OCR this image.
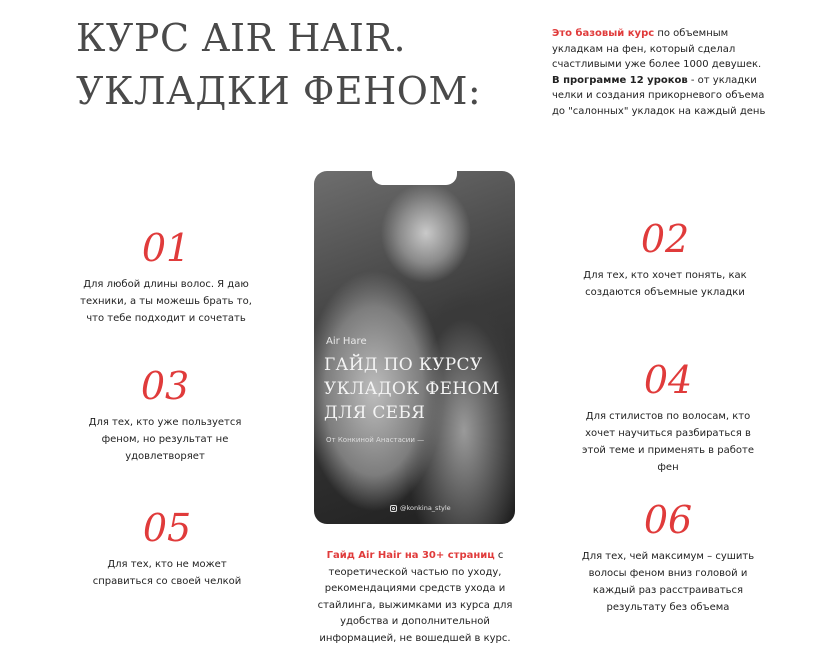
КУРС AIR HAIR.
УКЛАДКИ ФЕНОМ:

Это базовый курс по объемным укладкам на фен, который сделал счастливыми уже более 1000 девушек. В программе 12 уроков - от укладки челки и создания прикорневого объема до "салонных" укладок на каждый день

01
Для любой длины волос. Я даю техники, а ты можешь брать то, что тебе подходит и сочетать
02
Для тех, кто хочет понять, как создаются объемные укладки
03
Для тех, кто уже пользуется феном, но результат не удовлетворяет
04
Для стилистов по волосам, кто хочет научиться разбираться в этой теме и применять в работе фен
05
Для тех, кто не может справиться со своей челкой
06
Для тех, чей максимум – сушить волосы феном вниз головой и каждый раз расстраиваться результату без объема
Air Hare
ГАЙД ПО КУРСУ УКЛАДОК ФЕНОМ ДЛЯ СЕБЯ
От Конкиной Анастасии —
@konkina_style

Гайд Air Hair на 30+ страниц с теоретической частью по уходу, рекомендациями средств ухода и стайлинга, выжимками из курса для удобства и дополнительной информацией, не вошедшей в курс.
